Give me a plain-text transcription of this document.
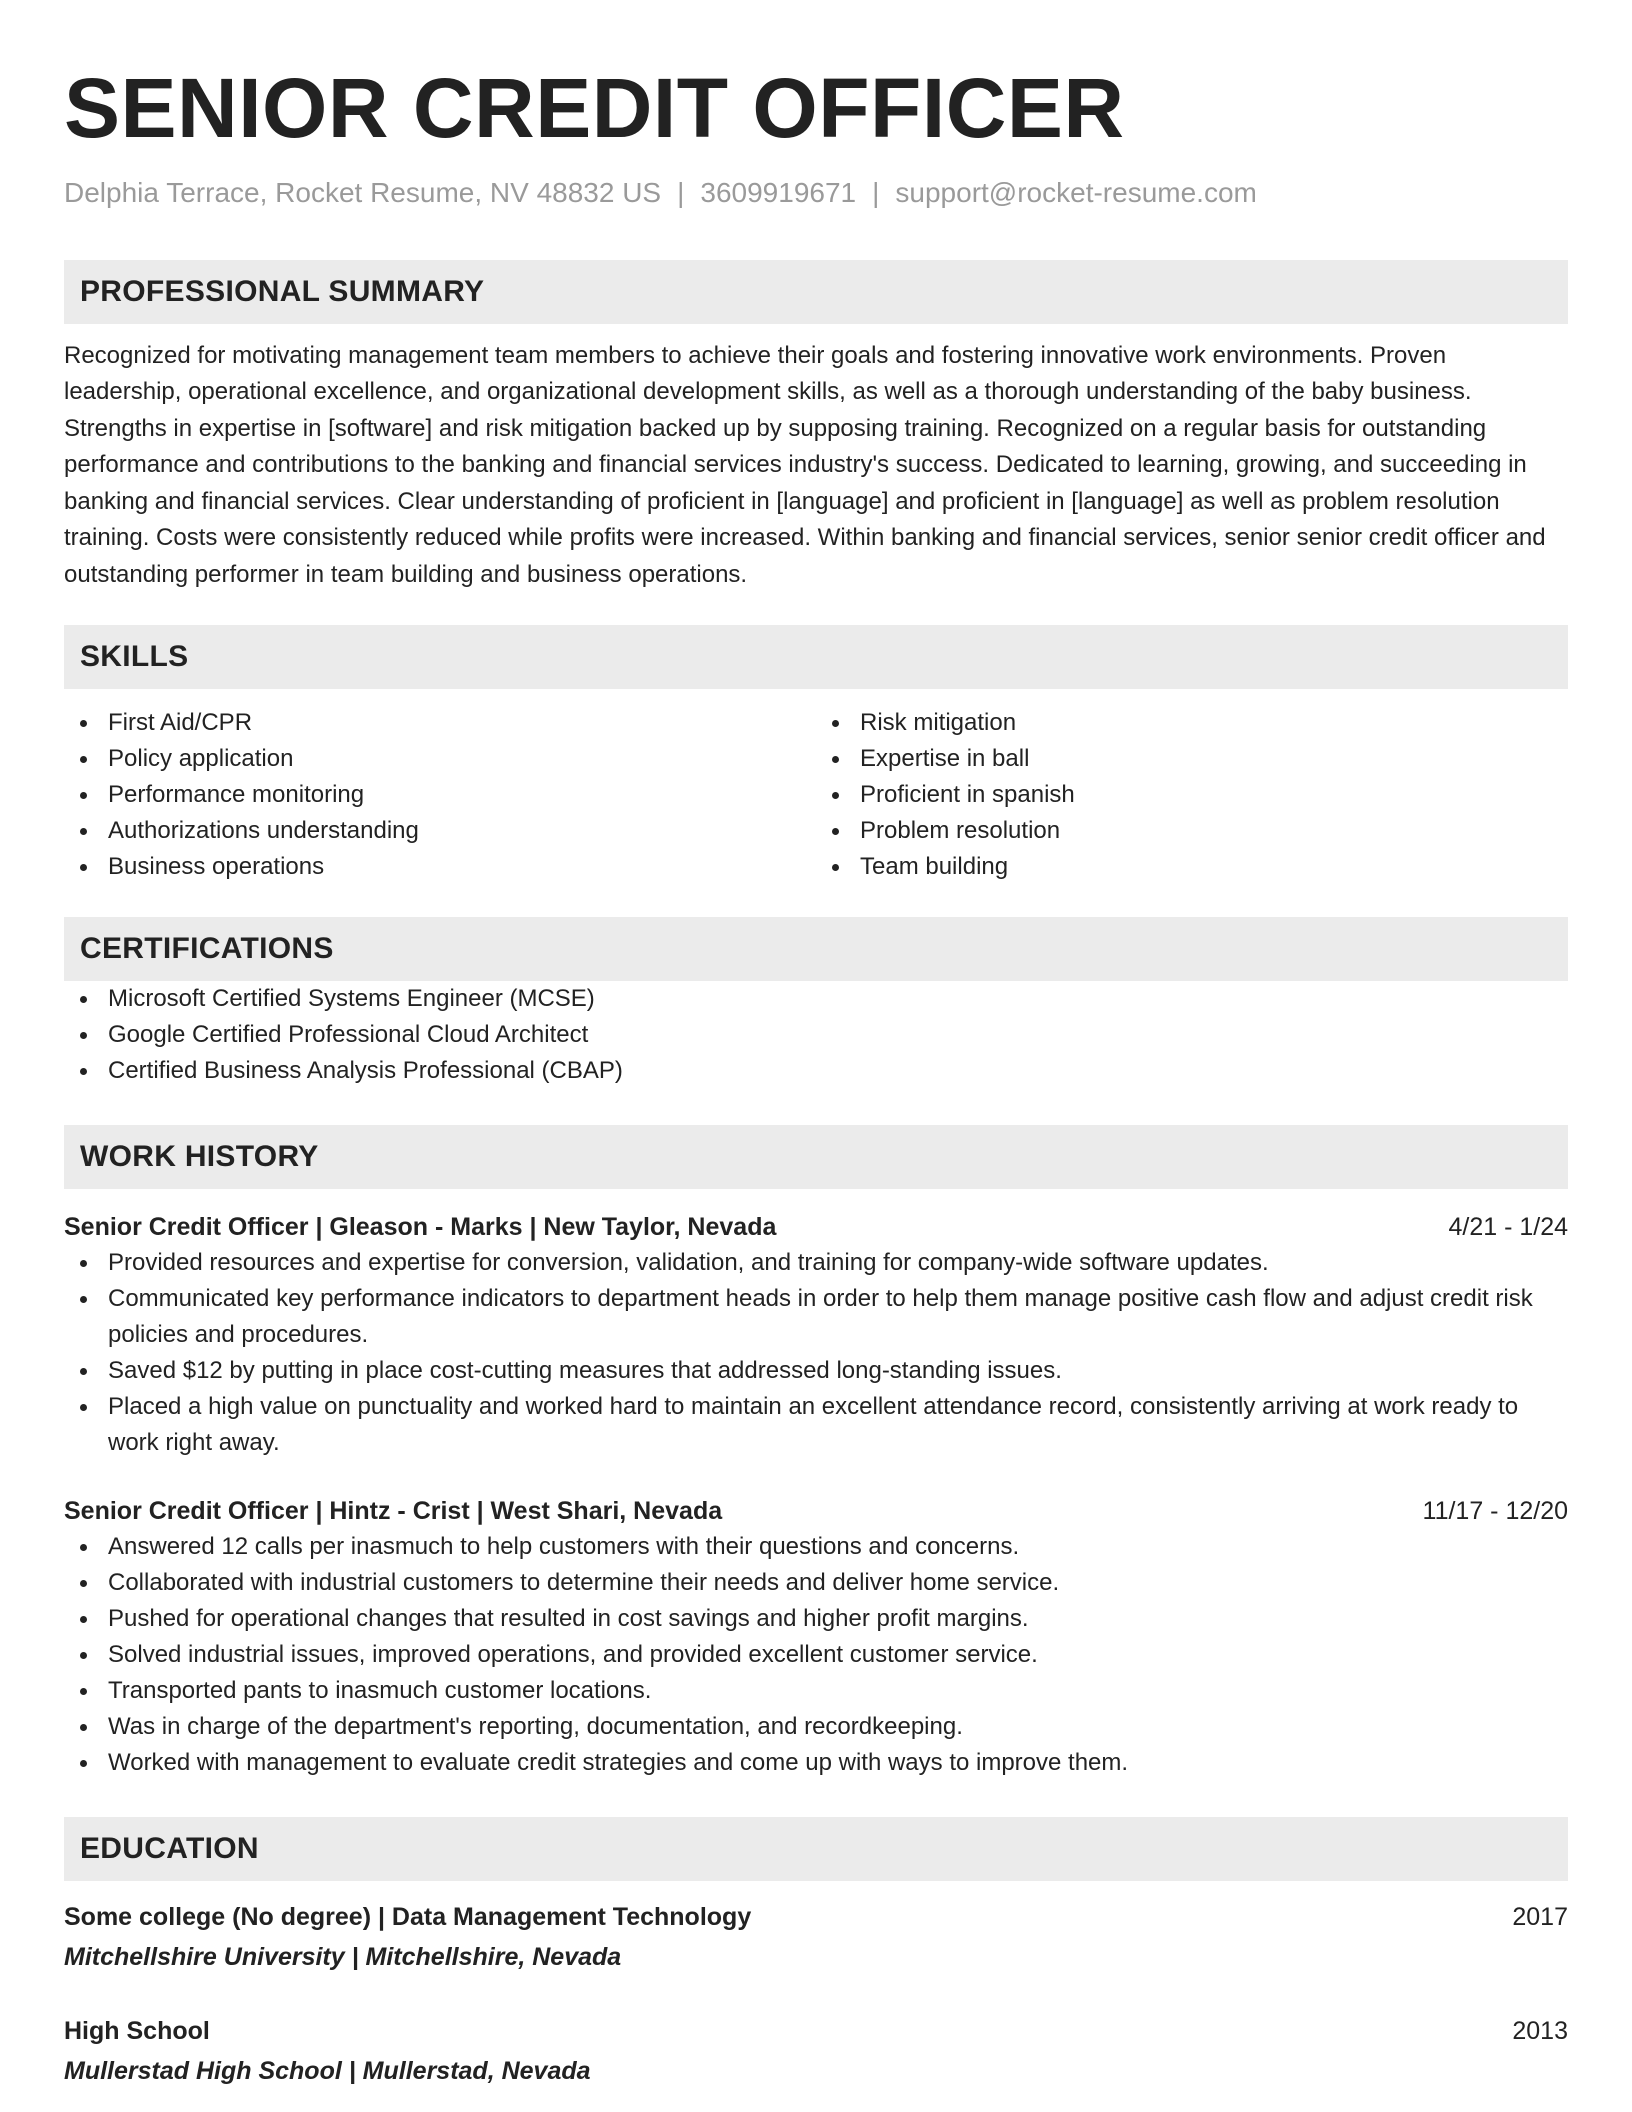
SENIOR CREDIT OFFICER
Delphia Terrace, Rocket Resume, NV 48832 US | 3609919671 | support@rocket-resume.com
PROFESSIONAL SUMMARY
Recognized for motivating management team members to achieve their goals and fostering innovative work environments. Proven leadership, operational excellence, and organizational development skills, as well as a thorough understanding of the baby business. Strengths in expertise in [software] and risk mitigation backed up by supposing training. Recognized on a regular basis for outstanding performance and contributions to the banking and financial services industry's success. Dedicated to learning, growing, and succeeding in banking and financial services. Clear understanding of proficient in [language] and proficient in [language] as well as problem resolution training. Costs were consistently reduced while profits were increased. Within banking and financial services, senior senior credit officer and outstanding performer in team building and business operations.
SKILLS
First Aid/CPR
Policy application
Performance monitoring
Authorizations understanding
Business operations
Risk mitigation
Expertise in ball
Proficient in spanish
Problem resolution
Team building
CERTIFICATIONS
Microsoft Certified Systems Engineer (MCSE)
Google Certified Professional Cloud Architect
Certified Business Analysis Professional (CBAP)
WORK HISTORY
Senior Credit Officer | Gleason - Marks | New Taylor, Nevada	4/21 - 1/24
Provided resources and expertise for conversion, validation, and training for company-wide software updates.
Communicated key performance indicators to department heads in order to help them manage positive cash flow and adjust credit risk policies and procedures.
Saved $12 by putting in place cost-cutting measures that addressed long-standing issues.
Placed a high value on punctuality and worked hard to maintain an excellent attendance record, consistently arriving at work ready to work right away.
Senior Credit Officer | Hintz - Crist | West Shari, Nevada	11/17 - 12/20
Answered 12 calls per inasmuch to help customers with their questions and concerns.
Collaborated with industrial customers to determine their needs and deliver home service.
Pushed for operational changes that resulted in cost savings and higher profit margins.
Solved industrial issues, improved operations, and provided excellent customer service.
Transported pants to inasmuch customer locations.
Was in charge of the department's reporting, documentation, and recordkeeping.
Worked with management to evaluate credit strategies and come up with ways to improve them.
EDUCATION
Some college (No degree) | Data Management Technology	2017
Mitchellshire University | Mitchellshire, Nevada
High School	2013
Mullerstad High School | Mullerstad, Nevada
